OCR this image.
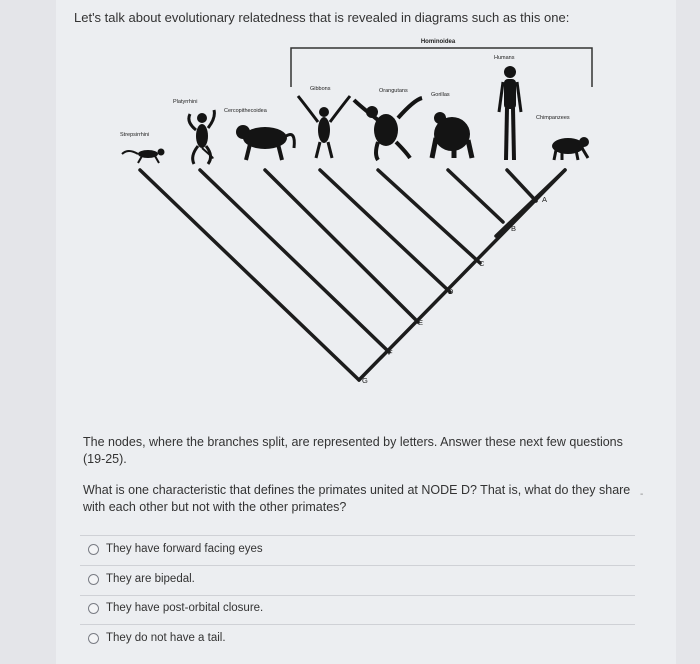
Let's talk about evolutionary relatedness that is revealed in diagrams such as this one:
Hominoidea
A
B
C
D
E
F
G
Strepsirrhini
Platyrrhini
Cercopithecoidea
Gibbons	Orangutans
Gorillas
Humans
Chimpanzees
The nodes, where the branches split, are represented by letters. Answer these next few questions (19-25).
What is one characteristic that defines the primates united at NODE D? That is, what do they share with each other but not with the other primates?
-
They have forward facing eyes
They are bipedal.
They have post-orbital closure.
They do not have a tail.
